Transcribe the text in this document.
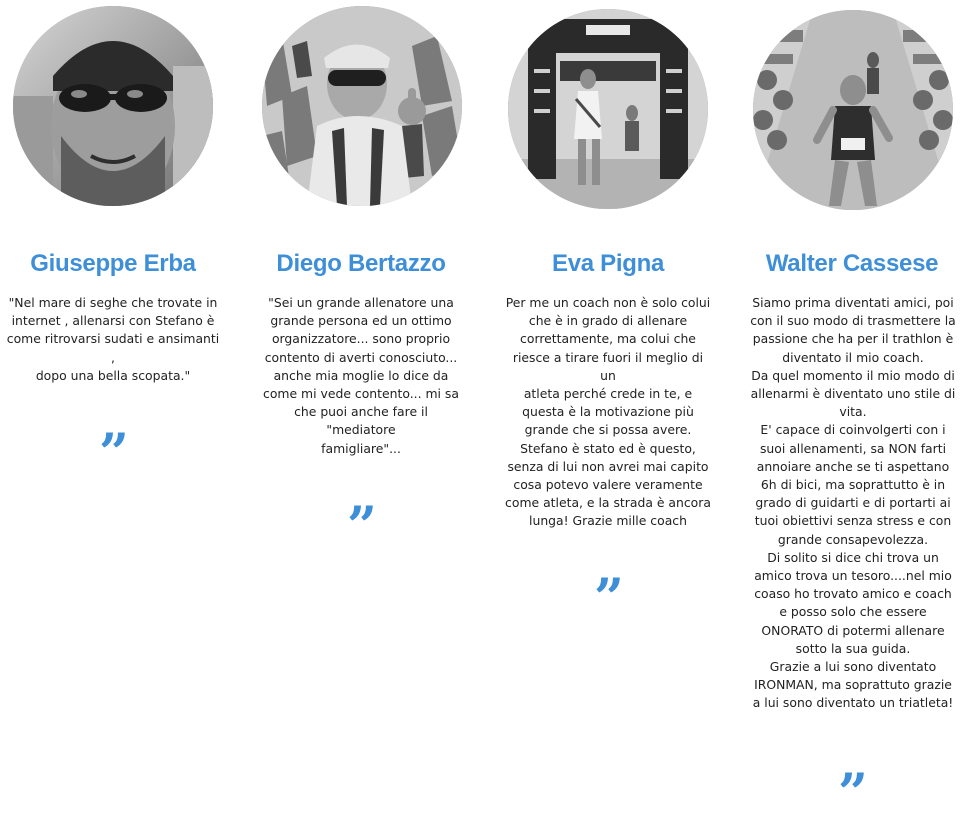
Giuseppe Erba

"Nel mare di seghe che trovate in
internet , allenarsi con Stefano è
come ritrovarsi sudati e ansimanti ,
dopo una bella scopata."

”
Diego Bertazzo

"Sei un grande allenatore una
grande persona ed un ottimo
organizzatore... sono proprio
contento di averti conosciuto...
anche mia moglie lo dice da
come mi vede contento... mi sa
che puoi anche fare il "mediatore
famigliare"...

”
Eva Pigna

Per me un coach non è solo colui
che è in grado di allenare
correttamente, ma colui che
riesce a tirare fuori il meglio di un
atleta perché crede in te, e
questa è la motivazione più
grande che si possa avere.
Stefano è stato ed è questo,
senza di lui non avrei mai capito
cosa potevo valere veramente
come atleta, e la strada è ancora
lunga! Grazie mille coach

”
Walter Cassese

Siamo prima diventati amici, poi
con il suo modo di trasmettere la
passione che ha per il trathlon è
diventato il mio coach.
Da quel momento il mio modo di
allenarmi è diventato uno stile di
vita.
E' capace di coinvolgerti con i
suoi allenamenti, sa NON farti
annoiare anche se ti aspettano
6h di bici, ma soprattutto è in
grado di guidarti e di portarti ai
tuoi obiettivi senza stress e con
grande consapevolezza.
Di solito si dice chi trova un
amico trova un tesoro....nel mio
coaso ho trovato amico e coach
e posso solo che essere
ONORATO di potermi allenare
sotto la sua guida.
Grazie a lui sono diventato
IRONMAN, ma soprattuto grazie
a lui sono diventato un triatleta!

”
